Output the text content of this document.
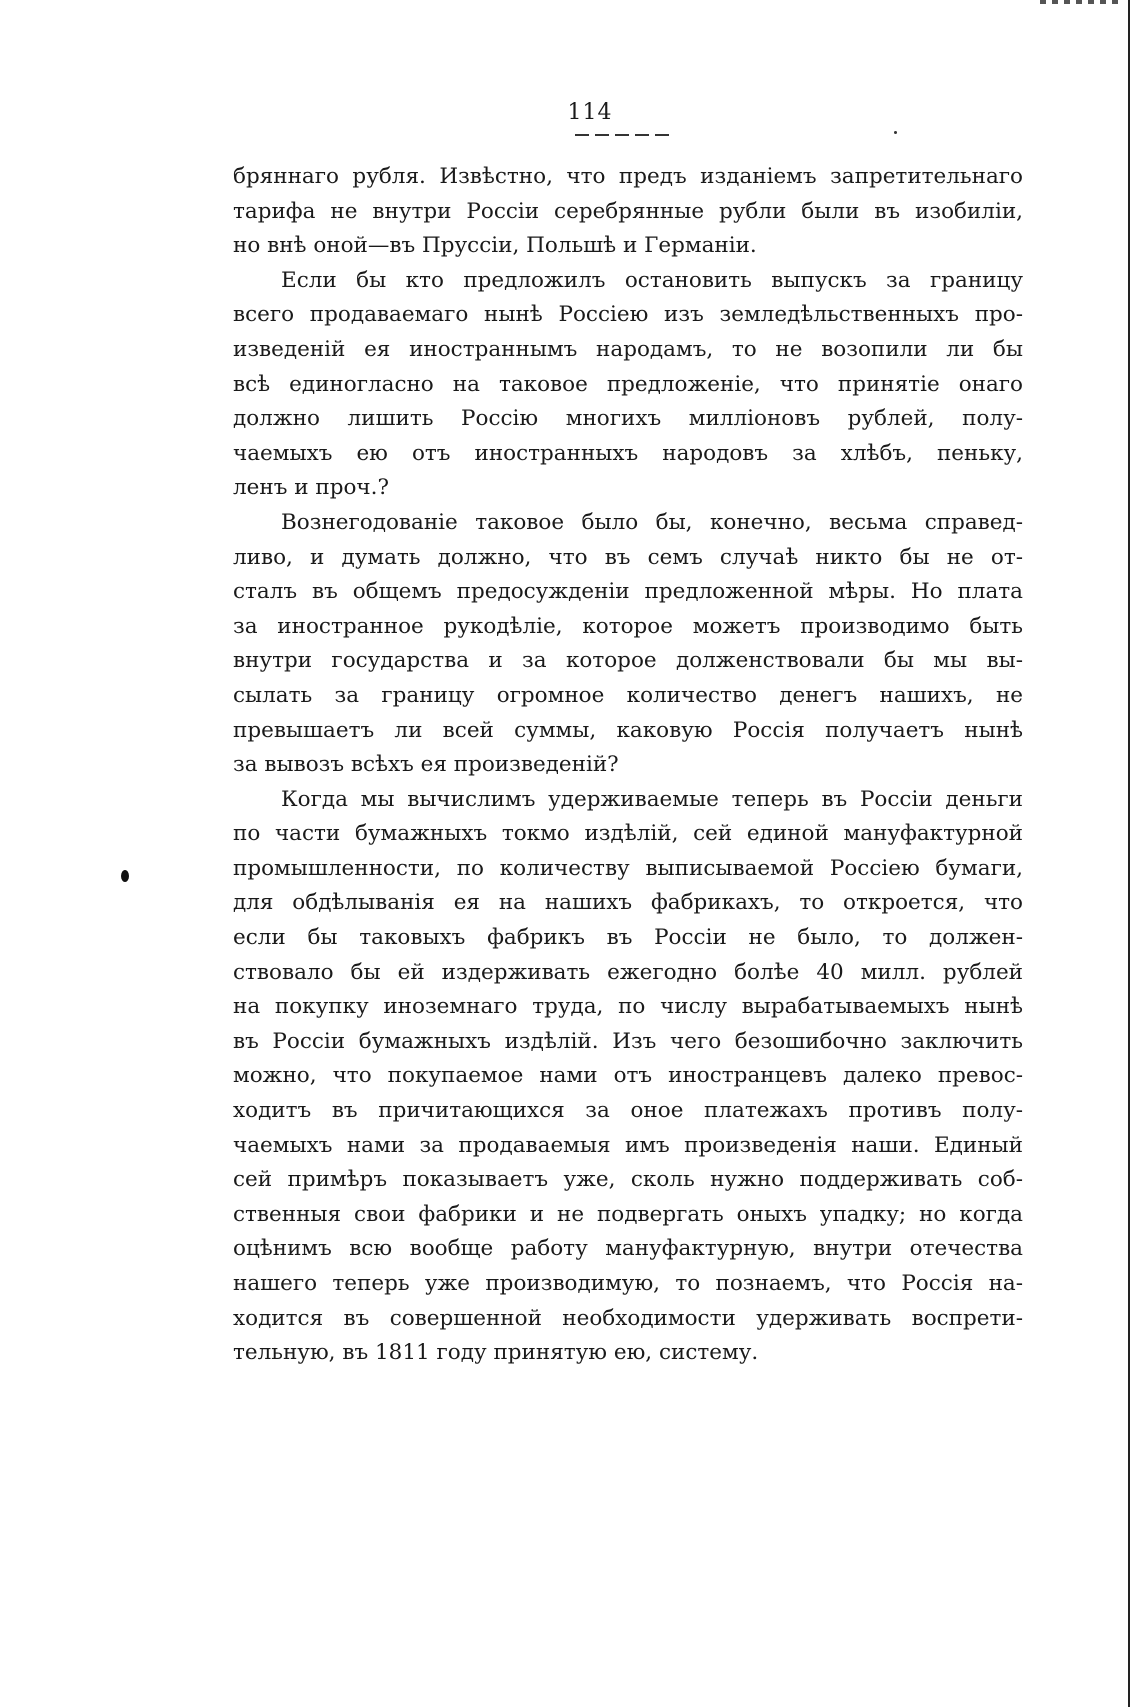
114
бряннаго рубля. Извѣстно, что предъ изданіемъ запретительнаго
тарифа не внутри Россіи серебрянные рубли были въ изобиліи,
но внѣ оной—въ Пруссіи, Польшѣ и Германіи.
Если бы кто предложилъ остановить выпускъ за границу
всего продаваемаго нынѣ Россіею изъ земледѣльственныхъ про-
изведеній ея иностраннымъ народамъ, то не возопили ли бы
всѣ единогласно на таковое предложеніе, что принятіе онаго
должно лишить Россію многихъ милліоновъ рублей, полу-
чаемыхъ ею отъ иностранныхъ народовъ за хлѣбъ, пеньку,
ленъ и проч.?
Вознегодованіе таковое было бы, конечно, весьма справед-
ливо, и думать должно, что въ семъ случаѣ никто бы не от-
сталъ въ общемъ предосужденіи предложенной мѣры. Но плата
за иностранное рукодѣліе, которое можетъ производимо быть
внутри государства и за которое долженствовали бы мы вы-
сылать за границу огромное количество денегъ нашихъ, не
превышаетъ ли всей суммы, каковую Россія получаетъ нынѣ
за вывозъ всѣхъ ея произведеній?
Когда мы вычислимъ удерживаемые теперь въ Россіи деньги
по части бумажныхъ токмо издѣлій, сей единой мануфактурной
промышленности, по количеству выписываемой Россіею бумаги,
для обдѣлыванія ея на нашихъ фабрикахъ, то откроется, что
если бы таковыхъ фабрикъ въ Россіи не было, то должен-
ствовало бы ей издерживать ежегодно болѣе 40 милл. рублей
на покупку иноземнаго труда, по числу вырабатываемыхъ нынѣ
въ Россіи бумажныхъ издѣлій. Изъ чего безошибочно заключить
можно, что покупаемое нами отъ иностранцевъ далеко превос-
ходитъ въ причитающихся за оное платежахъ противъ полу-
чаемыхъ нами за продаваемыя имъ произведенія наши. Единый
сей примѣръ показываетъ уже, сколь нужно поддерживать соб-
ственныя свои фабрики и не подвергать оныхъ упадку; но когда
оцѣнимъ всю вообще работу мануфактурную, внутри отечества
нашего теперь уже производимую, то познаемъ, что Россія на-
ходится въ совершенной необходимости удерживать воспрети-
тельную, въ 1811 году принятую ею, систему.
